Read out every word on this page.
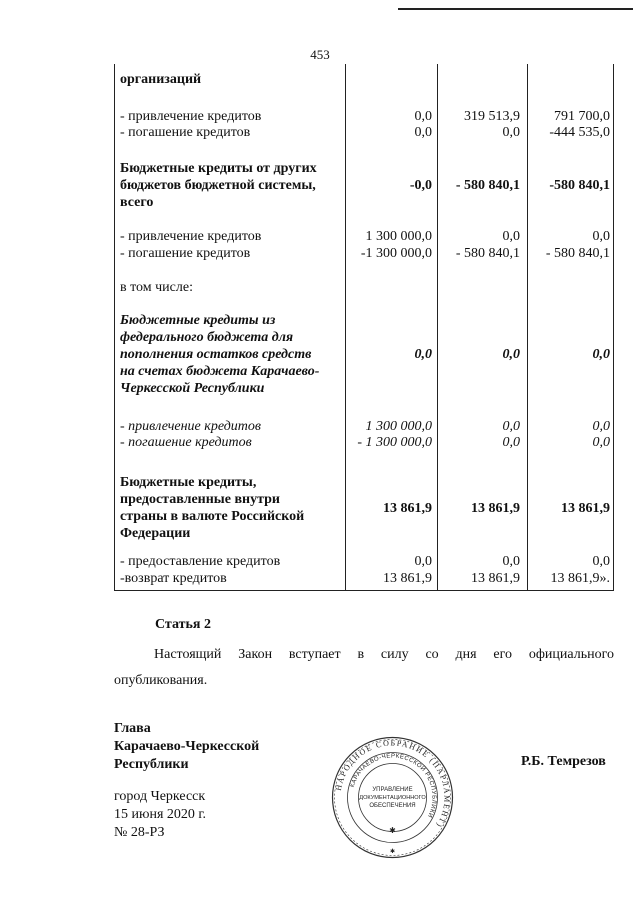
453
организаций
- привлечение кредитов	0,0	319 513,9	791 700,0
- погашение кредитов	0,0	0,0	-444 535,0
Бюджетные кредиты от других
бюджетов бюджетной системы,
всего
-0,0	- 580 840,1	-580 840,1
- привлечение кредитов	1 300 000,0	0,0	0,0
- погашение кредитов	-1 300 000,0	- 580 840,1	- 580 840,1
в том числе:
Бюджетные кредиты из
федерального бюджета для
пополнения остатков средств
на счетах бюджета Карачаево-
Черкесской Республики
0,0	0,0	0,0
- привлечение кредитов	1 300 000,0	0,0	0,0
- погашение кредитов	- 1 300 000,0	0,0	0,0
Бюджетные кредиты,
предоставленные внутри
страны в валюте Российской
Федерации
13 861,9	13 861,9	13 861,9
- предоставление кредитов	0,0	0,0	0,0
-возврат кредитов	13 861,9	13 861,9	13 861,9».
Статья 2
Настоящий Закон вступает в силу со дня его официального
опубликования.
Глава
Карачаево-Черкесской
Республики	Р.Б. Темрезов
город Черкесск
15 июня 2020 г.
№ 28-РЗ
НАРОДНОЕ СОБРАНИЕ (ПАРЛАМЕНТ)
КАРАЧАЕВО-ЧЕРКЕССКОЙ РЕСПУБЛИКИ
УПРАВЛЕНИЕ
ДОКУМЕНТАЦИОННОГО
ОБЕСПЕЧЕНИЯ
✱
✱
